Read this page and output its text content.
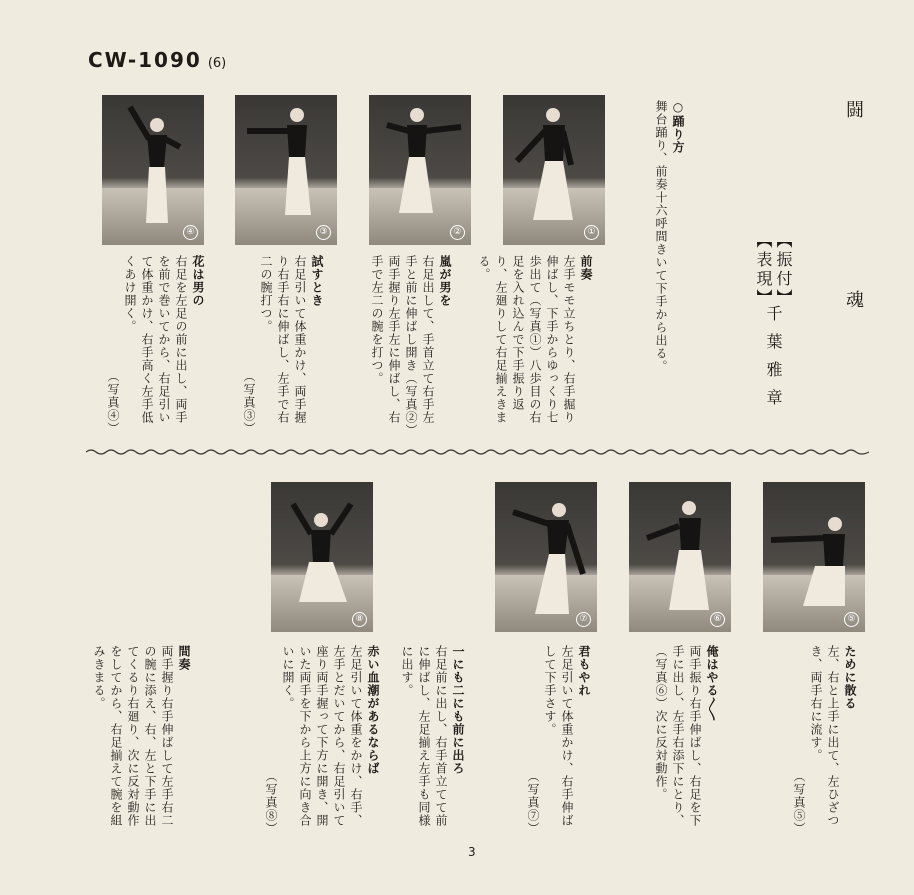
CW-1090 (6)
闘
魂
【振付】
【表現】
千葉雅章
○踊り方
舞台踊り、前奏十六呼間きいて下手から出る。
④	③	②	①
前奏
左手モモ立ちとり、右手掘り伸ばし、下手からゆっくり七歩出て（写真①）八歩目の右足を入れ込んで下手振り返り、左廻りして右足揃えきまる。
嵐が男を
右足出して、手首立て右手左手と前に伸ばし開き（写真②）両手握り左手左に伸ばし、右手で左二の腕を打つ。
試すとき
右足引いて体重かけ、両手握り右手右に伸ばし、左手で右二の腕打つ。

（写真③）
花は男の
右足を左足の前に出し、両手を前で巻いてから、右足引いて体重かけ、右手高く左手低くあけ開く。

（写真④）
⑧	⑦	⑥	⑤
ために散る
左、右と上手に出て、左ひざつき、両手右に流す。

（写真⑤）
俺はやる〱
両手振り右手伸ばし、右足を下手に出し、左手右添下にとり、（写真⑥）次に反対動作。
君もやれ
左足引いて体重かけ、右手伸ばして下手さす。

（写真⑦）
一にも二にも前に出ろ
右足前に出し、右手首立てて前に伸ばし、左足揃え左手も同様に出す。
赤い血潮があるならば
左足引いて体重をかけ、右手、左手とだいてから、右足引いて座り両手握って下方に開き、開いた両手を下から上方に向き合いに開く。

（写真⑧）
間奏
両手握り右手伸ばして左手右二の腕に添え、右、左と下手に出てくるり右廻り、次に反対動作をしてから、右足揃えて腕を組みきまる。
3
